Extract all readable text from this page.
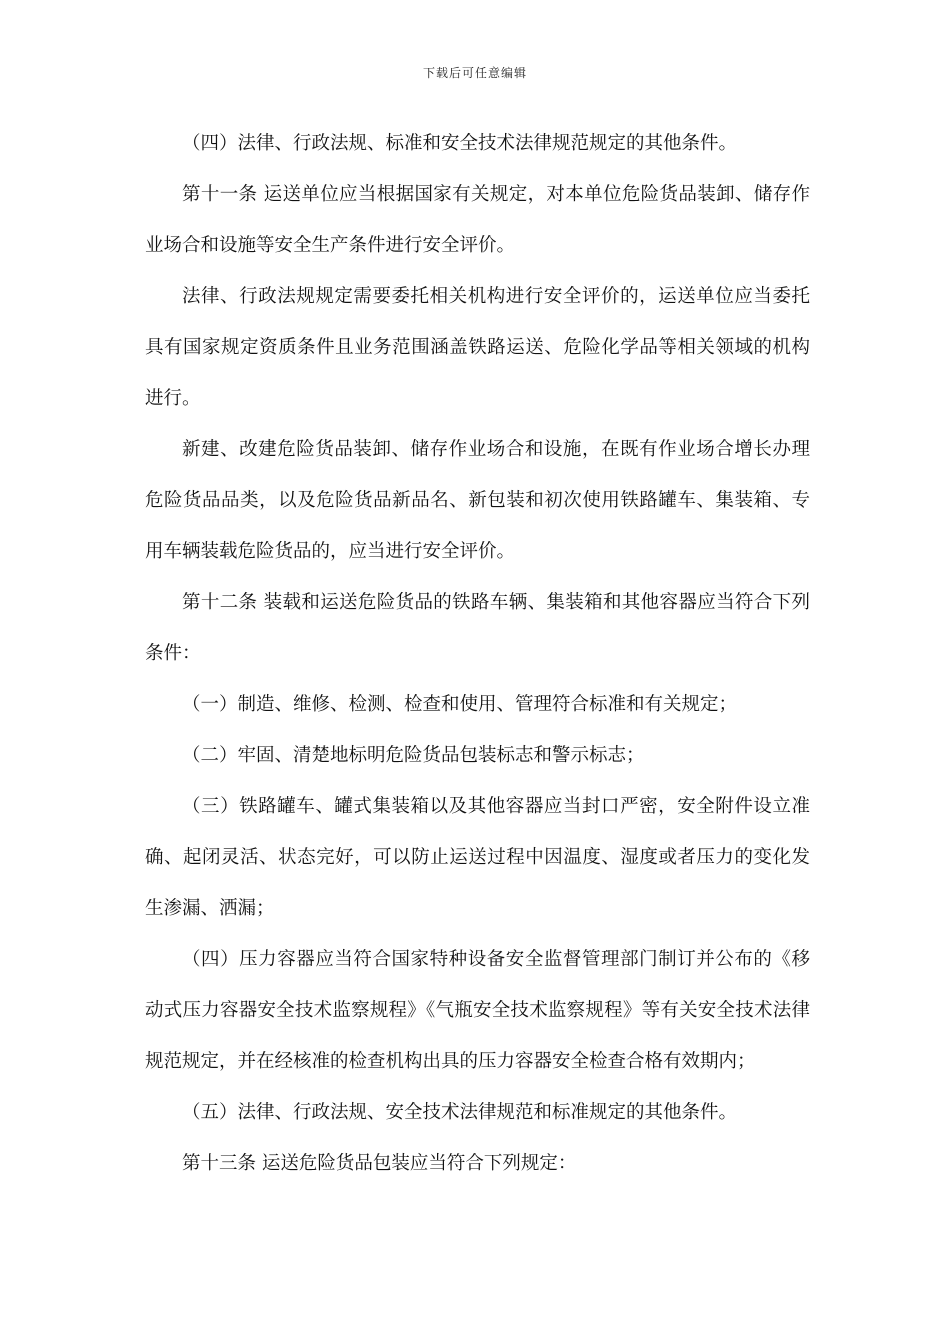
下载后可任意编辑

（四）法律、行政法规、标准和安全技术法律规范规定的其他条件。

第十一条 运送单位应当根据国家有关规定，对本单位危险货品装卸、储存作业场合和设施等安全生产条件进行安全评价。

法律、行政法规规定需要委托相关机构进行安全评价的，运送单位应当委托具有国家规定资质条件且业务范围涵盖铁路运送、危险化学品等相关领域的机构进行。

新建、改建危险货品装卸、储存作业场合和设施，在既有作业场合增长办理危险货品品类，以及危险货品新品名、新包装和初次使用铁路罐车、集装箱、专用车辆装载危险货品的，应当进行安全评价。

第十二条 装载和运送危险货品的铁路车辆、集装箱和其他容器应当符合下列条件：

（一）制造、维修、检测、检查和使用、管理符合标准和有关规定；

（二）牢固、清楚地标明危险货品包装标志和警示标志；

（三）铁路罐车、罐式集装箱以及其他容器应当封口严密，安全附件设立准确、起闭灵活、状态完好，可以防止运送过程中因温度、湿度或者压力的变化发生渗漏、洒漏；

（四）压力容器应当符合国家特种设备安全监督管理部门制订并公布的《移动式压力容器安全技术监察规程》《气瓶安全技术监察规程》等有关安全技术法律规范规定，并在经核准的检查机构出具的压力容器安全检查合格有效期内；

（五）法律、行政法规、安全技术法律规范和标准规定的其他条件。

第十三条 运送危险货品包装应当符合下列规定：
